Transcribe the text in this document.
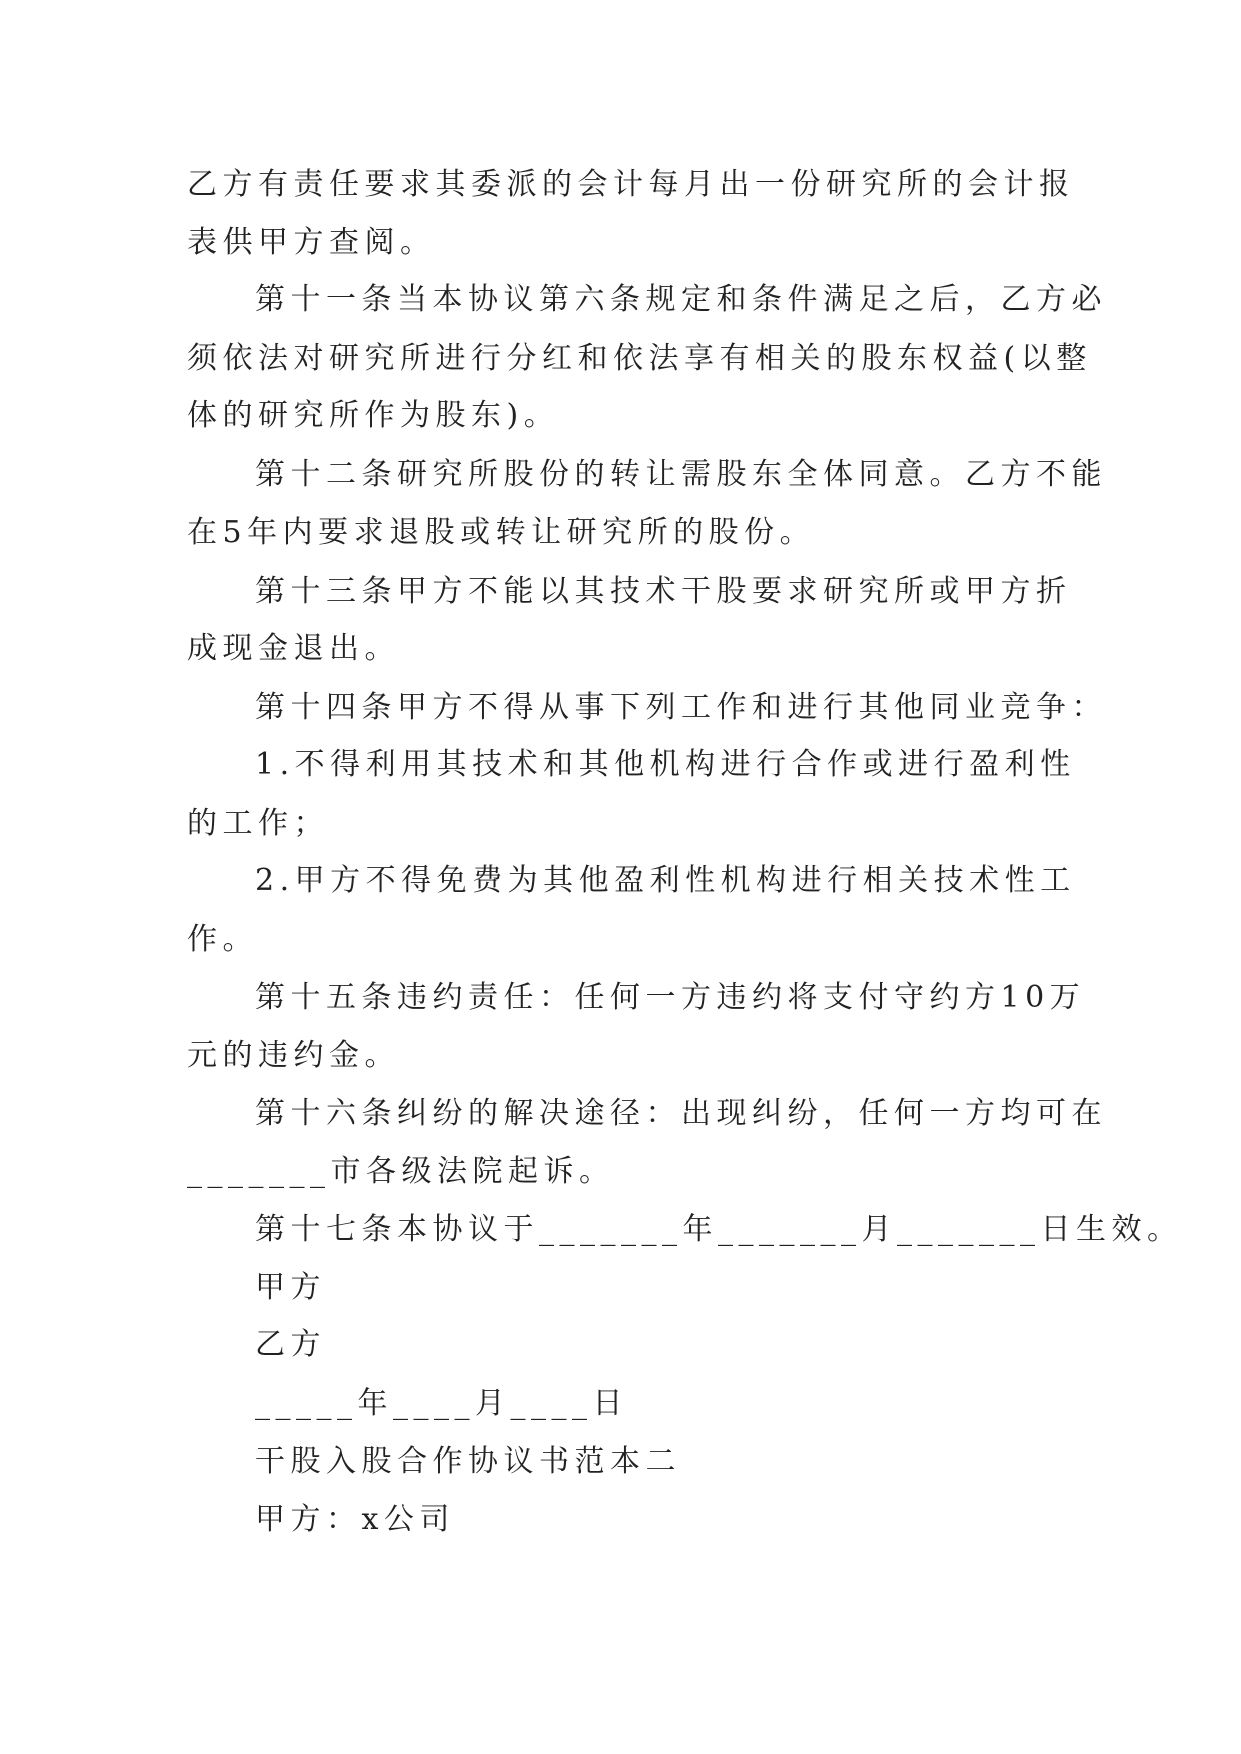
乙方有责任要求其委派的会计每月出一份研究所的会计报
表供甲方查阅。
第十一条当本协议第六条规定和条件满足之后，乙方必
须依法对研究所进行分红和依法享有相关的股东权益(以整
体的研究所作为股东)。
第十二条研究所股份的转让需股东全体同意。乙方不能
在5年内要求退股或转让研究所的股份。
第十三条甲方不能以其技术干股要求研究所或甲方折
成现金退出。
第十四条甲方不得从事下列工作和进行其他同业竞争：
1.不得利用其技术和其他机构进行合作或进行盈利性
的工作；
2.甲方不得免费为其他盈利性机构进行相关技术性工
作。
第十五条违约责任：任何一方违约将支付守约方10万
元的违约金。
第十六条纠纷的解决途径：出现纠纷，任何一方均可在
_______市各级法院起诉。
第十七条本协议于_______年_______月_______日生效。
甲方
乙方
_____年____月____日
干股入股合作协议书范本二
甲方：x公司
